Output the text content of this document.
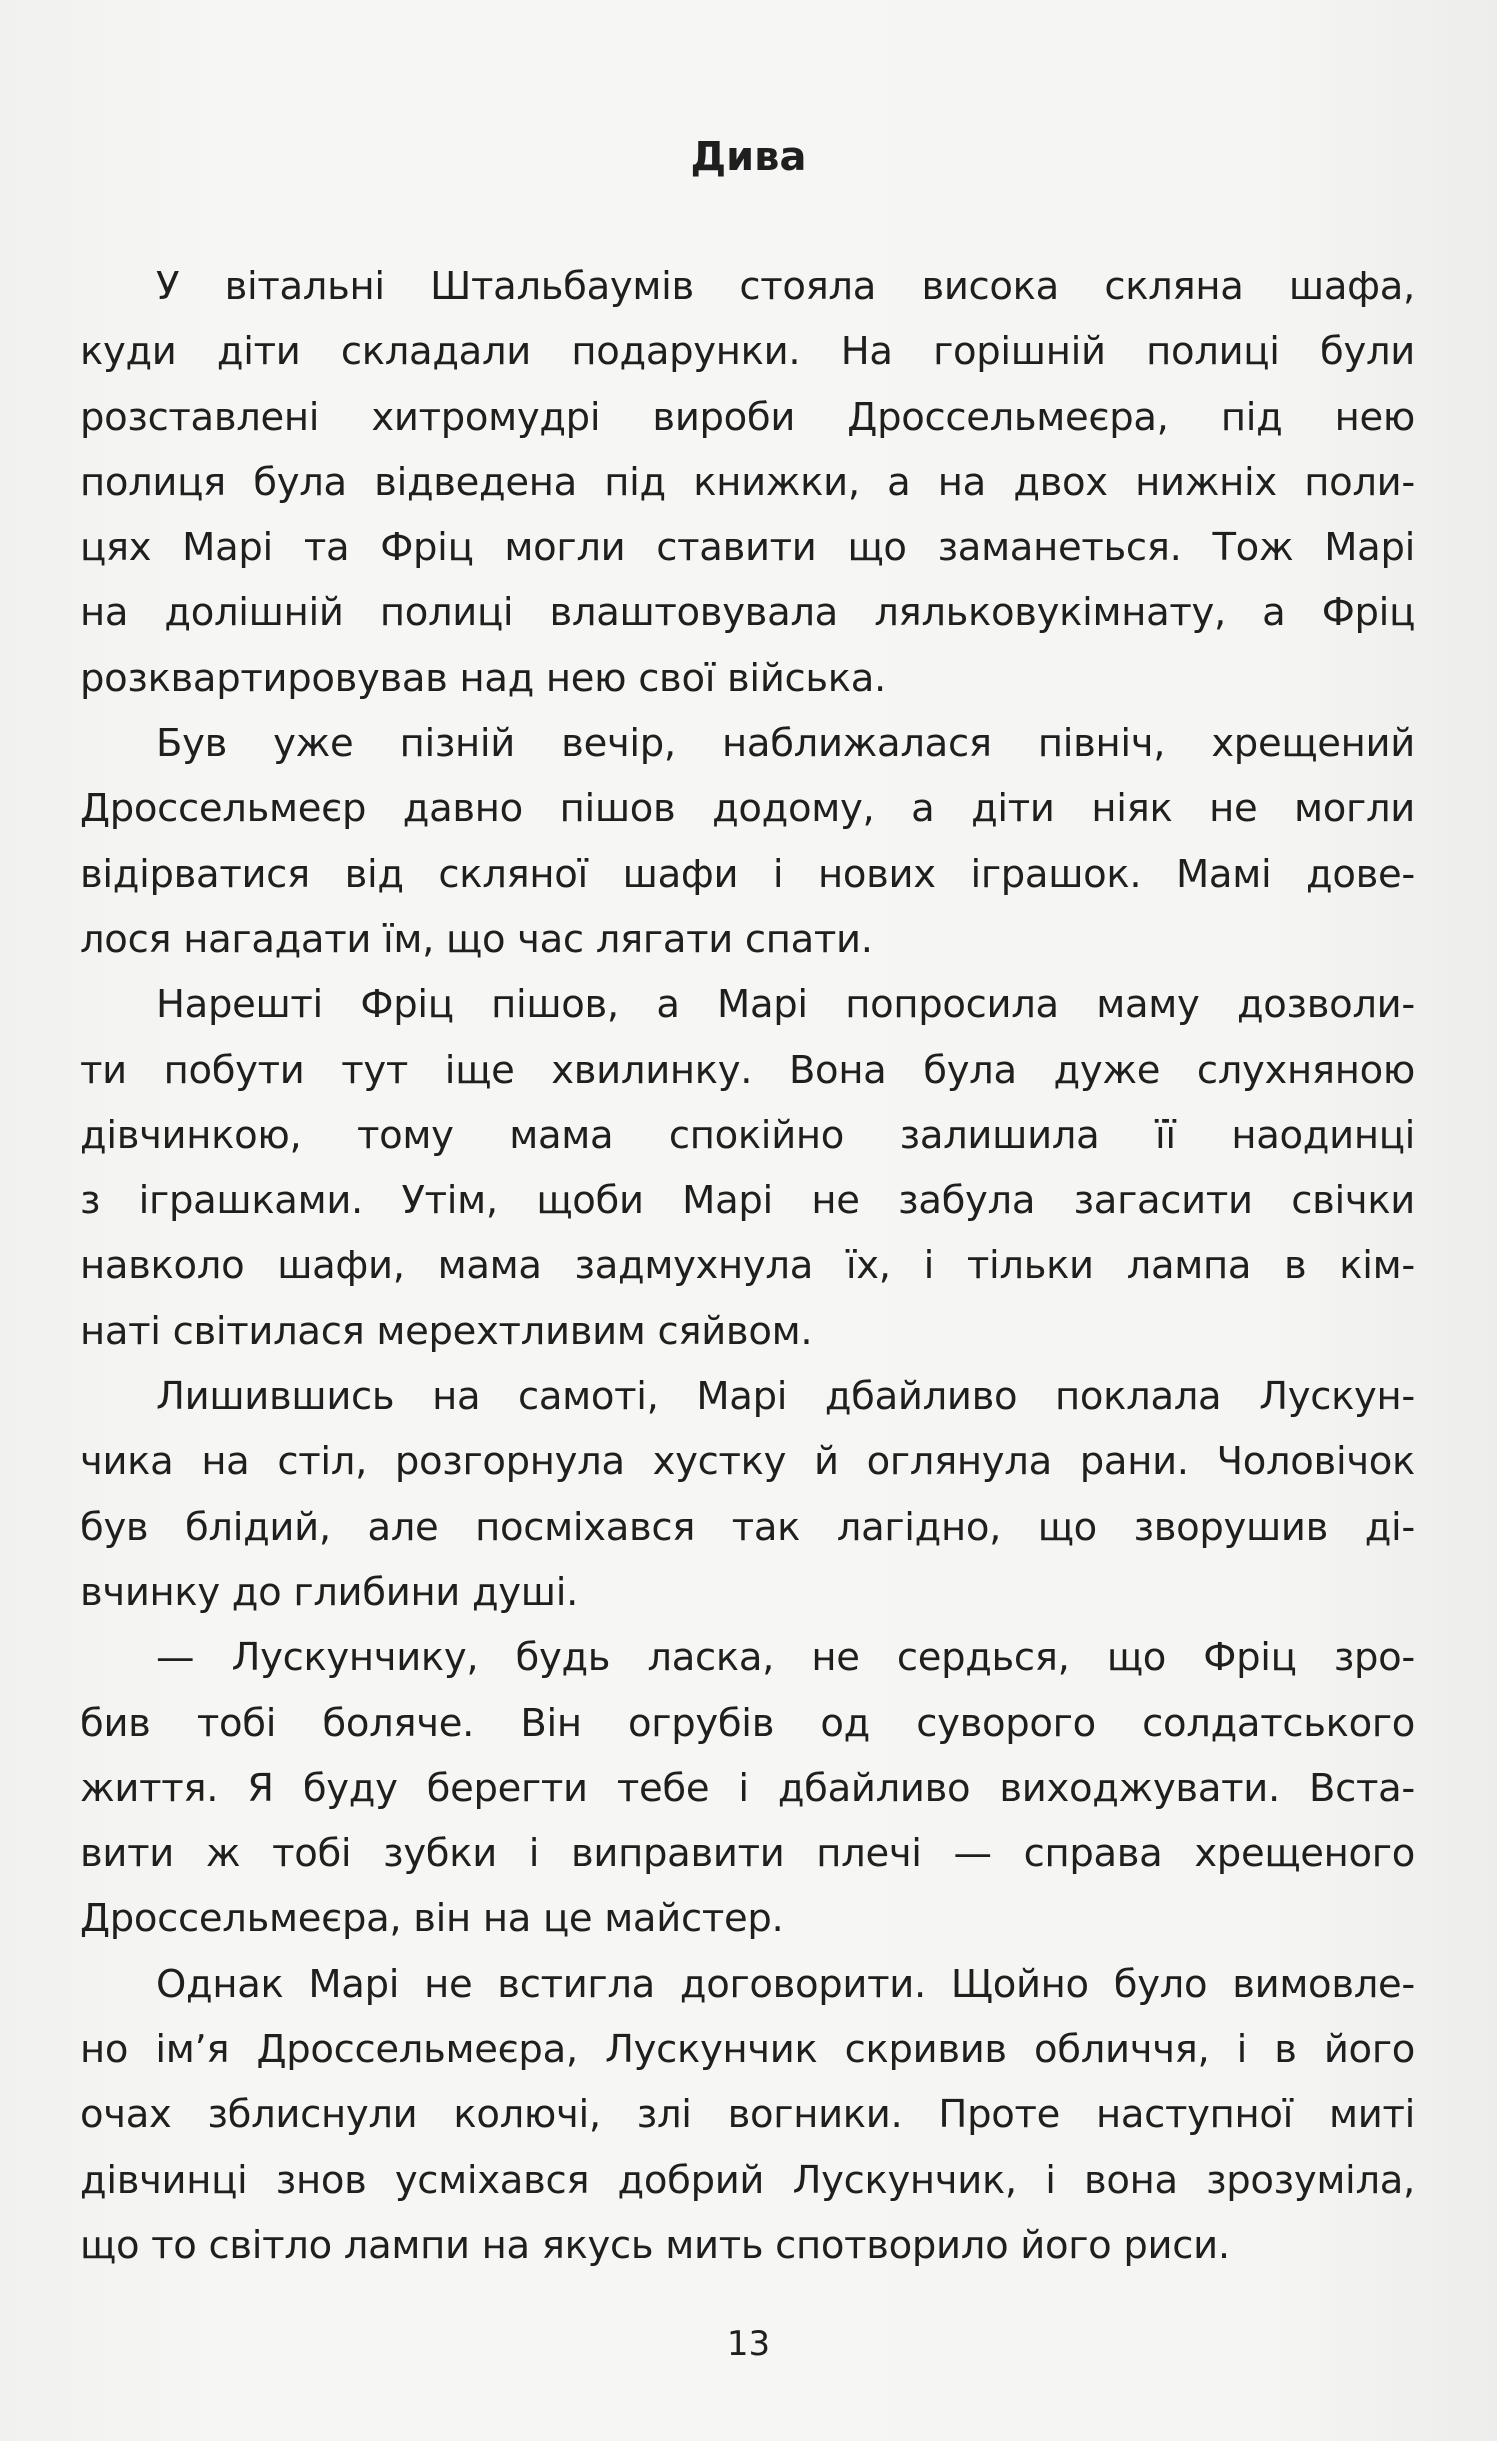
Дива
У вітальні Штальбаумів стояла висока скляна шафа,
куди діти складали подарунки. На горішній полиці були
розставлені хитромудрі вироби Дроссельмеєра, під нею
полиця була відведена під книжки, а на двох нижніх поли-
цях Марі та Фріц могли ставити що заманеться. Тож Марі
на долішній полиці влаштовувала ляльковукімнату, а Фріц
розквартировував над нею свої війська.
Був уже пізній вечір, наближалася північ, хрещений
Дроссельмеєр давно пішов додому, а діти ніяк не могли
відірватися від скляної шафи і нових іграшок. Мамі дове-
лося нагадати їм, що час лягати спати.
Нарешті Фріц пішов, а Марі попросила маму дозволи-
ти побути тут іще хвилинку. Вона була дуже слухняною
дівчинкою, тому мама спокійно залишила її наодинці
з іграшками. Утім, щоби Марі не забула загасити свічки
навколо шафи, мама задмухнула їх, і тільки лампа в кім-
наті світилася мерехтливим сяйвом.
Лишившись на самоті, Марі дбайливо поклала Лускун-
чика на стіл, розгорнула хустку й оглянула рани. Чоловічок
був блідий, але посміхався так лагідно, що зворушив ді-
вчинку до глибини душі.
— Лускунчику, будь ласка, не сердься, що Фріц зро-
бив тобі боляче. Він огрубів од суворого солдатського
життя. Я буду берегти тебе і дбайливо виходжувати. Вста-
вити ж тобі зубки і виправити плечі — справа хрещеного
Дроссельмеєра, він на це майстер.
Однак Марі не встигла договорити. Щойно було вимовле-
но ім’я Дроссельмеєра, Лускунчик скривив обличчя, і в його
очах зблиснули колючі, злі вогники. Проте наступної миті
дівчинці знов усміхався добрий Лускунчик, і вона зрозуміла,
що то світло лампи на якусь мить спотворило його риси.
13
